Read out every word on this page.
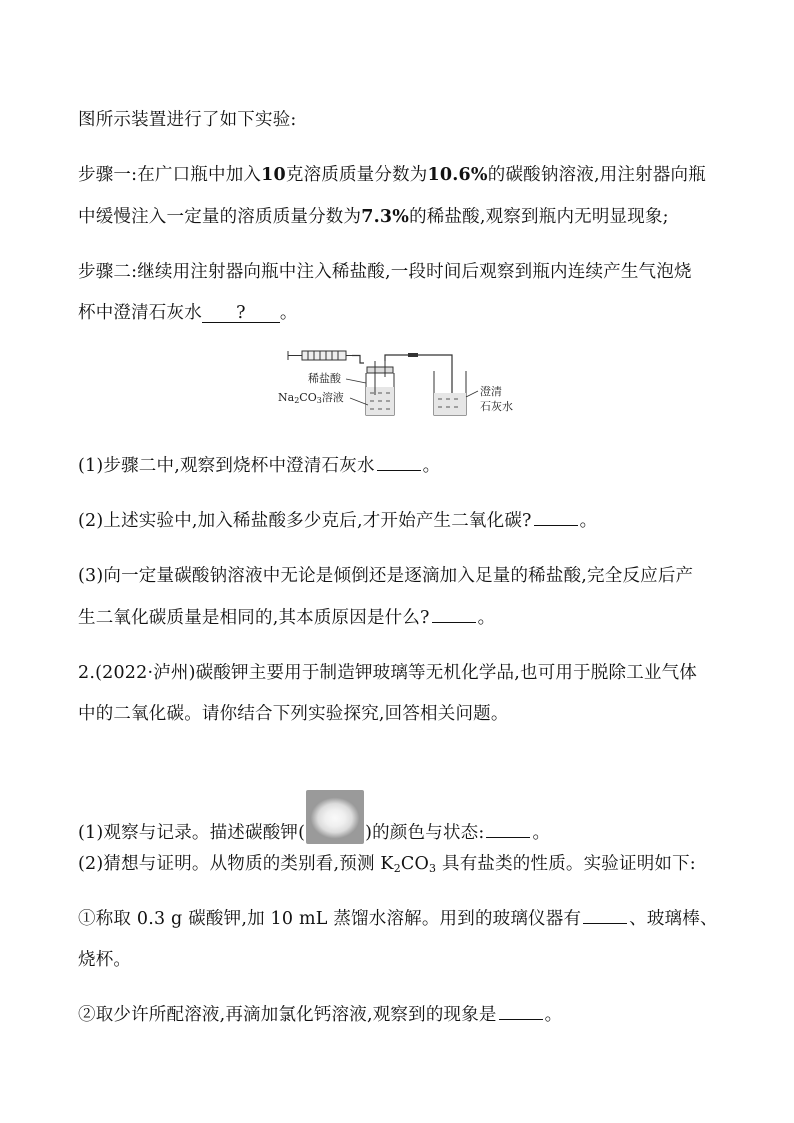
图所示装置进行了如下实验:
步骤一:在广口瓶中加入10克溶质质量分数为10.6%的碳酸钠溶液,用注射器向瓶
中缓慢注入一定量的溶质质量分数为7.3%的稀盐酸,观察到瓶内无明显现象;
步骤二:继续用注射器向瓶中注入稀盐酸,一段时间后观察到瓶内连续产生气泡烧
杯中澄清石灰水 ? 。
稀盐酸
Na2CO3溶液	澄清
石灰水
(1)步骤二中,观察到烧杯中澄清石灰水	。
(2)上述实验中,加入稀盐酸多少克后,才开始产生二氧化碳?	。
(3)向一定量碳酸钠溶液中无论是倾倒还是逐滴加入足量的稀盐酸,完全反应后产
生二氧化碳质量是相同的,其本质原因是什么?	。
2.(2022·泸州)碳酸钾主要用于制造钾玻璃等无机化学品,也可用于脱除工业气体
中的二氧化碳。请你结合下列实验探究,回答相关问题。
(1)观察与记录。描述碳酸钾(	)的颜色与状态:	。
(2)猜想与证明。从物质的类别看,预测 $K_2CO_3$ 具有盐类的性质。实验证明如下:
①称取 0.3 g 碳酸钾,加 10 mL 蒸馏水溶解。用到的玻璃仪器有	、玻璃棒、
烧杯。
②取少许所配溶液,再滴加氯化钙溶液,观察到的现象是	。
